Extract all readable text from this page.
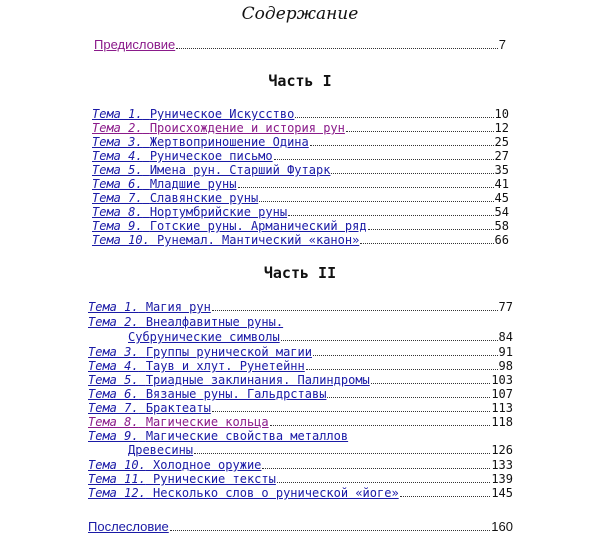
Содержание
Предисловие	7
Часть I
Тема 1. Руническое Искусство	10
Тема 2. Происхождение и история рун	12
Тема 3. Жертвоприношение Одина	25
Тема 4. Руническое письмо	27
Тема 5. Имена рун. Старший Футарк	35
Тема 6. Младшие руны	41
Тема 7. Славянские руны	45
Тема 8. Нортумбрийские руны	54
Тема 9. Готские руны. Арманический ряд	58
Тема 10. Рунемал. Мантический «канон»	66
Часть II
Тема 1. Магия рун	77
Тема 2. Внеалфавитные руны.
Субрунические символы	84
Тема 3. Группы рунической магии	91
Тема 4. Таув и хлут. Рунетейнн	98
Тема 5. Триадные заклинания. Палиндромы	103
Тема 6. Вязаные руны. Гальдрставы	107
Тема 7. Брактеаты	113
Тема 8. Магические кольца	118
Тема 9. Магические свойства металлов
Древесины	126
Тема 10. Холодное оружие	133
Тема 11. Рунические тексты	139
Тема 12. Несколько слов о рунической «йоге»	145
Послесловие	160
